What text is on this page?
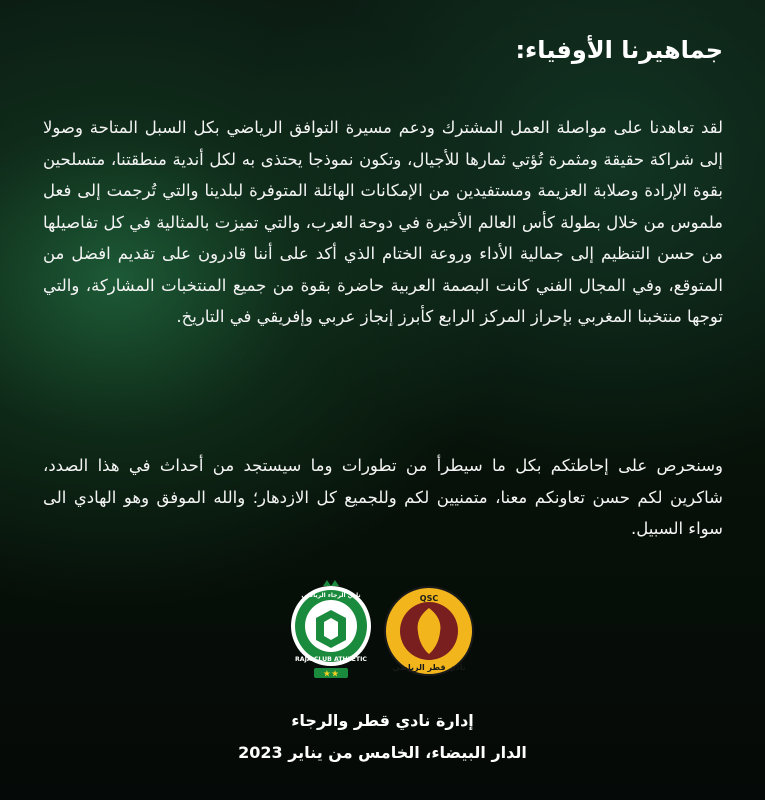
جماهيرنا الأوفياء:

لقد تعاهدنا على مواصلة العمل المشترك ودعم مسيرة التوافق الرياضي بكل السبل المتاحة وصولا إلى شراكة حقيقة ومثمرة تُؤتي ثمارها للأجيال، وتكون نموذجا يحتذى به لكل أندية منطقتنا، متسلحين بقوة الإرادة وصلابة العزيمة ومستفيدين من الإمكانات الهائلة المتوفرة لبلدينا والتي تُرجمت إلى فعل ملموس من خلال بطولة كأس العالم الأخيرة في دوحة العرب، والتي تميزت بالمثالية في كل تفاصيلها من حسن التنظيم إلى جمالية الأداء وروعة الختام الذي أكد على أننا قادرون على تقديم افضل من المتوقع، وفي المجال الفني كانت البصمة العربية حاضرة بقوة من جميع المنتخبات المشاركة، والتي توجها منتخبنا المغربي بإحراز المركز الرابع كأبرز إنجاز عربي وإفريقي في التاريخ.

وسنحرص على إحاطتكم بكل ما سيطرأ من تطورات وما سيستجد من أحداث في هذا الصدد، شاكرين لكم حسن تعاونكم معنا، متمنيين لكم وللجميع كل الازدهار؛ والله الموفق وهو الهادي الى سواء السبيل.

نادي الرجاء الرياضي
RAJA CLUB ATHLETIC
★★
QSC
نادي قطر الرياضي
إدارة نادي قطر والرجاء
الدار البيضاء، الخامس من يناير 2023
